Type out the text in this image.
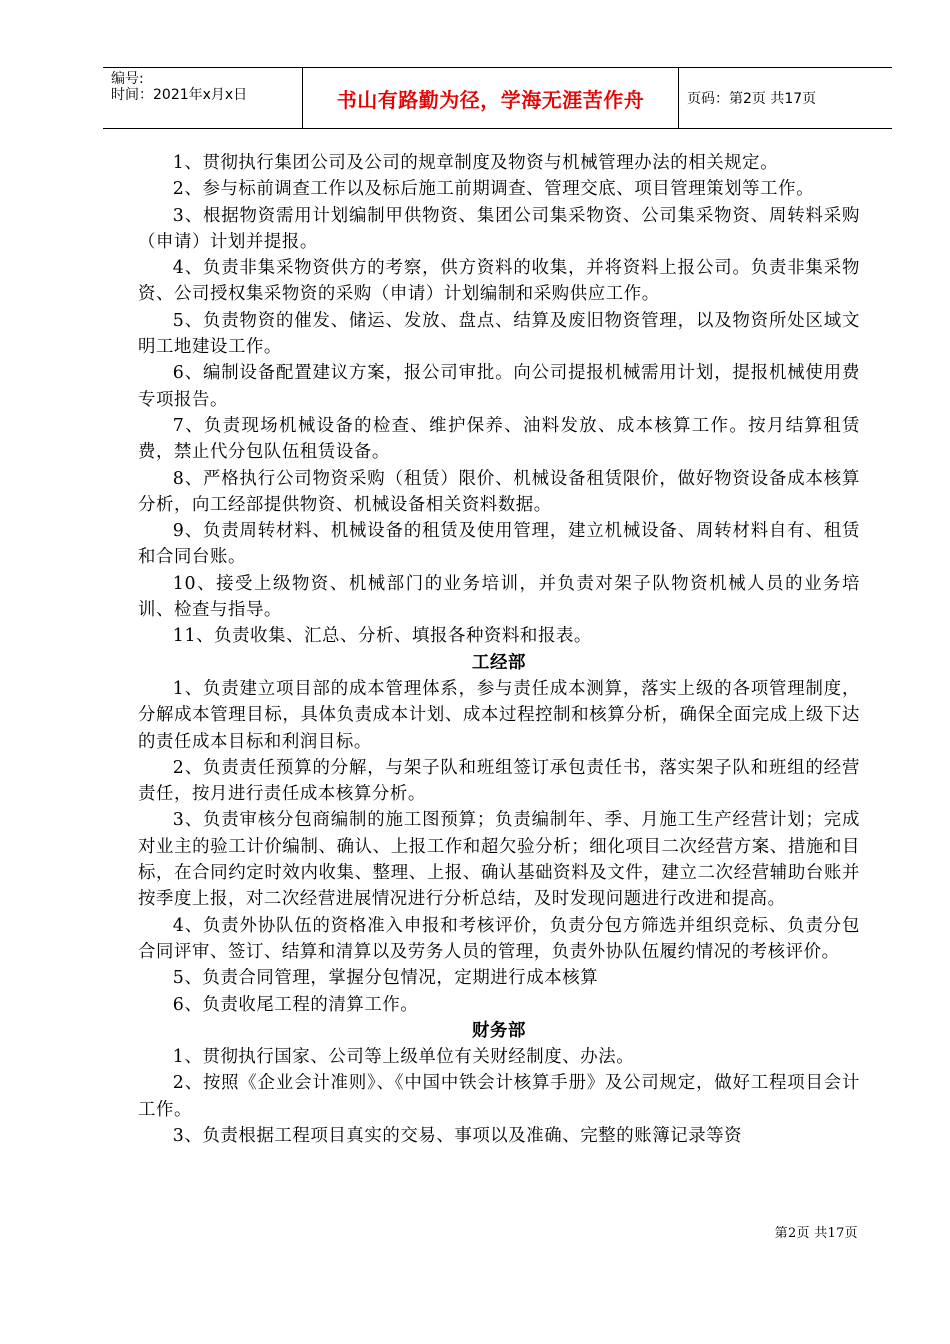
编号:
时间：2021年x月x日	书山有路勤为径，学海无涯苦作舟	页码：第2页 共17页

1、贯彻执行集团公司及公司的规章制度及物资与机械管理办法的相关规定。

2、参与标前调查工作以及标后施工前期调查、管理交底、项目管理策划等工作。

3、根据物资需用计划编制甲供物资、集团公司集采物资、公司集采物资、周转料采购（申请）计划并提报。

4、负责非集采物资供方的考察，供方资料的收集，并将资料上报公司。负责非集采物资、公司授权集采物资的采购（申请）计划编制和采购供应工作。

5、负责物资的催发、储运、发放、盘点、结算及废旧物资管理，以及物资所处区域文明工地建设工作。

6、编制设备配置建议方案，报公司审批。向公司提报机械需用计划，提报机械使用费专项报告。

7、负责现场机械设备的检查、维护保养、油料发放、成本核算工作。按月结算租赁费，禁止代分包队伍租赁设备。

8、严格执行公司物资采购（租赁）限价、机械设备租赁限价，做好物资设备成本核算分析，向工经部提供物资、机械设备相关资料数据。

9、负责周转材料、机械设备的租赁及使用管理，建立机械设备、周转材料自有、租赁和合同台账。

10、接受上级物资、机械部门的业务培训，并负责对架子队物资机械人员的业务培训、检查与指导。

11、负责收集、汇总、分析、填报各种资料和报表。

工经部

1、负责建立项目部的成本管理体系，参与责任成本测算，落实上级的各项管理制度，分解成本管理目标，具体负责成本计划、成本过程控制和核算分析，确保全面完成上级下达的责任成本目标和利润目标。

2、负责责任预算的分解，与架子队和班组签订承包责任书，落实架子队和班组的经营责任，按月进行责任成本核算分析。

3、负责审核分包商编制的施工图预算；负责编制年、季、月施工生产经营计划；完成对业主的验工计价编制、确认、上报工作和超欠验分析；细化项目二次经营方案、措施和目标，在合同约定时效内收集、整理、上报、确认基础资料及文件，建立二次经营辅助台账并按季度上报，对二次经营进展情况进行分析总结，及时发现问题进行改进和提高。

4、负责外协队伍的资格准入申报和考核评价，负责分包方筛选并组织竞标、负责分包合同评审、签订、结算和清算以及劳务人员的管理，负责外协队伍履约情况的考核评价。

5、负责合同管理，掌握分包情况，定期进行成本核算

6、负责收尾工程的清算工作。

财务部

1、贯彻执行国家、公司等上级单位有关财经制度、办法。

2、按照《企业会计准则》、《中国中铁会计核算手册》及公司规定，做好工程项目会计工作。

3、负责根据工程项目真实的交易、事项以及准确、完整的账簿记录等资

第2页 共17页
